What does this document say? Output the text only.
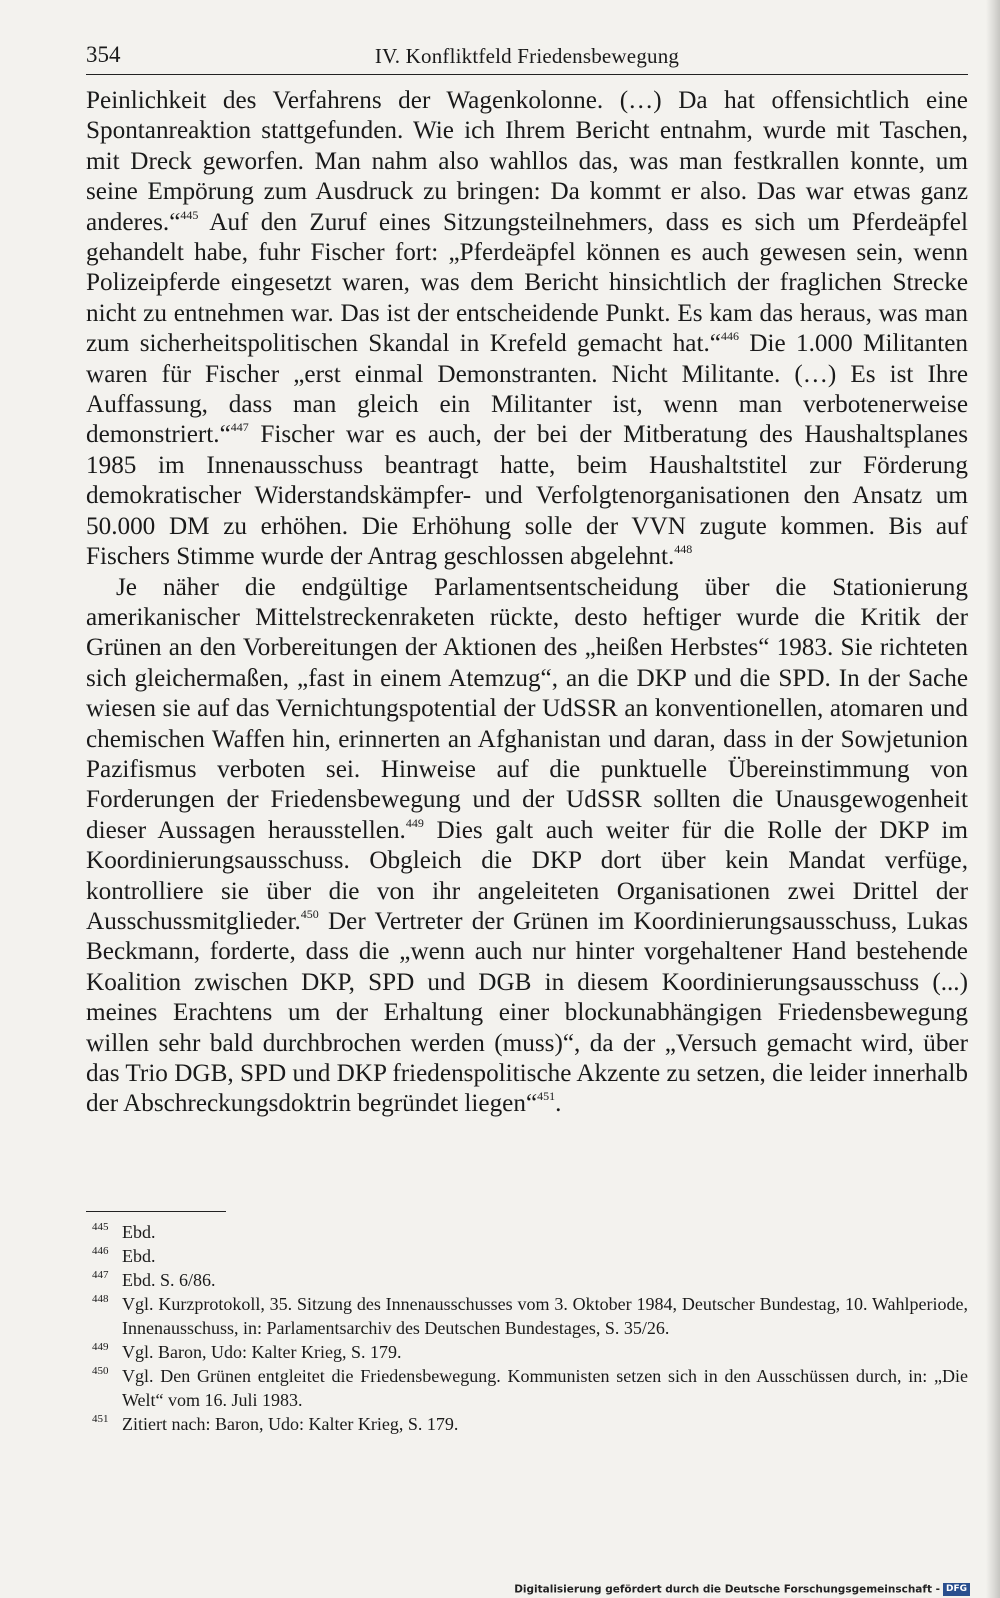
354	IV. Konfliktfeld Friedensbewegung

Peinlichkeit des Verfahrens der Wagenkolonne. (…) Da hat offensichtlich eine Spontanreaktion stattgefunden. Wie ich Ihrem Bericht entnahm, wurde mit Taschen, mit Dreck geworfen. Man nahm also wahllos das, was man festkrallen konnte, um seine Empörung zum Ausdruck zu bringen: Da kommt er also. Das war etwas ganz anderes.“$^{445}$ Auf den Zuruf eines Sitzungsteilnehmers, dass es sich um Pferdeäpfel gehandelt habe, fuhr Fischer fort: „Pferdeäpfel können es auch gewesen sein, wenn Polizeipferde eingesetzt waren, was dem Bericht hinsichtlich der fraglichen Strecke nicht zu entnehmen war. Das ist der entscheidende Punkt. Es kam das heraus, was man zum sicherheitspolitischen Skandal in Krefeld gemacht hat.“$^{446}$ Die 1.000 Militanten waren für Fischer „erst einmal Demonstranten. Nicht Militante. (…) Es ist Ihre Auffassung, dass man gleich ein Militanter ist, wenn man verbotenerweise demonstriert.“$^{447}$ Fischer war es auch, der bei der Mitberatung des Haushaltsplanes 1985 im Innenausschuss beantragt hatte, beim Haushaltstitel zur Förderung demokratischer Widerstandskämpfer- und Verfolgtenorganisationen den Ansatz um 50.000 DM zu erhöhen. Die Erhöhung solle der VVN zugute kommen. Bis auf Fischers Stimme wurde der Antrag geschlossen abgelehnt.$^{448}$

Je näher die endgültige Parlamentsentscheidung über die Stationierung amerikanischer Mittelstreckenraketen rückte, desto heftiger wurde die Kritik der Grünen an den Vorbereitungen der Aktionen des „heißen Herbstes“ 1983. Sie richteten sich gleichermaßen, „fast in einem Atemzug“, an die DKP und die SPD. In der Sache wiesen sie auf das Vernichtungspotential der UdSSR an konventionellen, atomaren und chemischen Waffen hin, erinnerten an Afghanistan und daran, dass in der Sowjetunion Pazifismus verboten sei. Hinweise auf die punktuelle Übereinstimmung von Forderungen der Friedensbewegung und der UdSSR sollten die Unausgewogenheit dieser Aussagen herausstellen.$^{449}$ Dies galt auch weiter für die Rolle der DKP im Koordinierungsausschuss. Obgleich die DKP dort über kein Mandat verfüge, kontrolliere sie über die von ihr angeleiteten Organisationen zwei Drittel der Ausschussmitglieder.$^{450}$ Der Vertreter der Grünen im Koordinierungsausschuss, Lukas Beckmann, forderte, dass die „wenn auch nur hinter vorgehaltener Hand bestehende Koalition zwischen DKP, SPD und DGB in diesem Koordinierungsausschuss (...) meines Erachtens um der Erhaltung einer blockunabhängigen Friedensbewegung willen sehr bald durchbrochen werden (muss)“, da der „Versuch gemacht wird, über das Trio DGB, SPD und DKP friedenspolitische Akzente zu setzen, die leider innerhalb der Abschreckungsdoktrin begründet liegen“$^{451}$.

445 Ebd.
446 Ebd.
447 Ebd. S. 6/86.
448 Vgl. Kurzprotokoll, 35. Sitzung des Innenausschusses vom 3. Oktober 1984, Deutscher Bundestag, 10. Wahlperiode, Innenausschuss, in: Parlamentsarchiv des Deutschen Bundestages, S. 35/26.
449 Vgl. Baron, Udo: Kalter Krieg, S. 179.
450 Vgl. Den Grünen entgleitet die Friedensbewegung. Kommunisten setzen sich in den Ausschüssen durch, in: „Die Welt“ vom 16. Juli 1983.
451 Zitiert nach: Baron, Udo: Kalter Krieg, S. 179.
Digitalisierung gefördert durch die Deutsche Forschungsgemeinschaft - DFG
